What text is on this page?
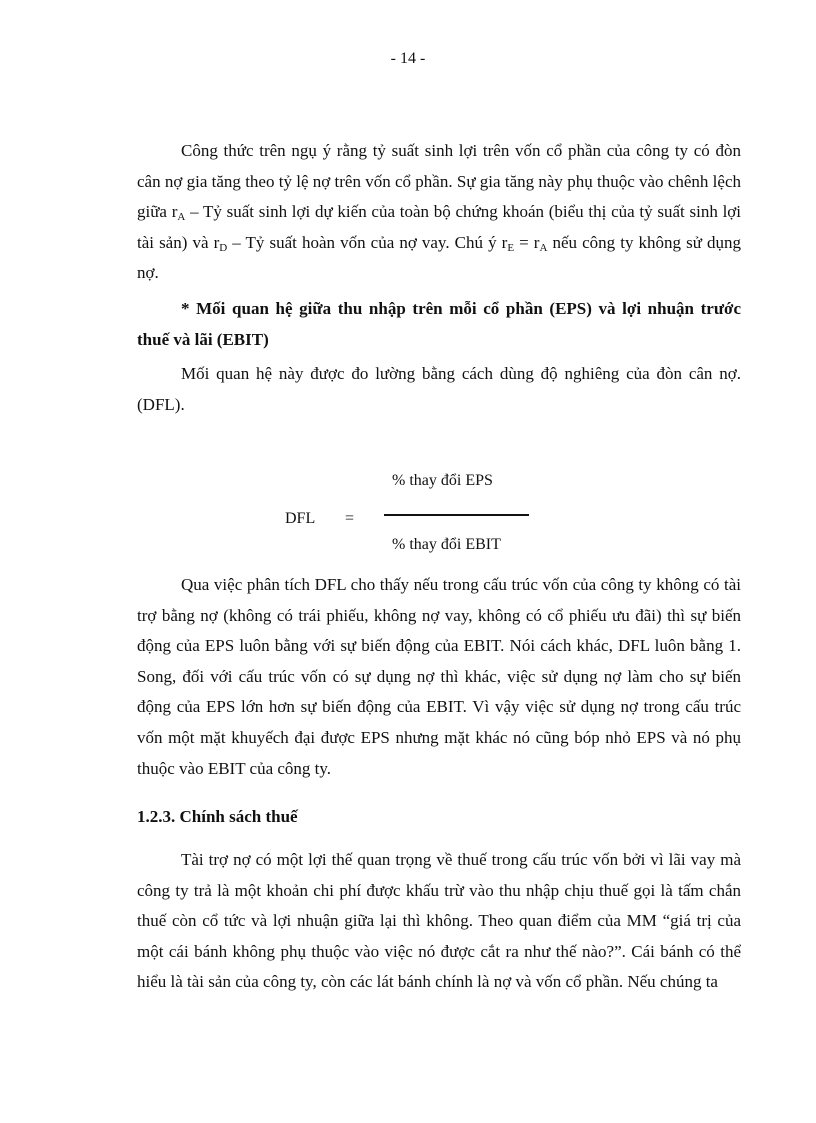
- 14 -

Công thức trên ngụ ý rằng tỷ suất sinh lợi trên vốn cổ phần của công ty có đòn cân nợ gia tăng theo tỷ lệ nợ trên vốn cổ phần. Sự gia tăng này phụ thuộc vào chênh lệch giữa $r_A$ – Tỷ suất sinh lợi dự kiến của toàn bộ chứng khoán (biểu thị của tỷ suất sinh lợi tài sản) và $r_D$ – Tỷ suất hoàn vốn của nợ vay. Chú ý $r_E = r_A$ nếu công ty không sử dụng nợ.

* Mối quan hệ giữa thu nhập trên mỗi cổ phần (EPS) và lợi nhuận trước thuế và lãi (EBIT)

Mối quan hệ này được đo lường bằng cách dùng độ nghiêng của đòn cân nợ. (DFL).

% thay đổi EPS
DFL =
% thay đổi EBIT

Qua việc phân tích DFL cho thấy nếu trong cấu trúc vốn của công ty không có tài trợ bằng nợ (không có trái phiếu, không nợ vay, không có cổ phiếu ưu đãi) thì sự biến động của EPS luôn bằng với sự biến động của EBIT. Nói cách khác, DFL luôn bằng 1. Song, đối với cấu trúc vốn có sự dụng nợ thì khác, việc sử dụng nợ làm cho sự biến động của EPS lớn hơn sự biến động của EBIT. Vì vậy việc sử dụng nợ trong cấu trúc vốn một mặt khuyếch đại được EPS nhưng mặt khác nó cũng bóp nhỏ EPS và nó phụ thuộc vào EBIT của công ty.

1.2.3. Chính sách thuế

Tài trợ nợ có một lợi thế quan trọng về thuế trong cấu trúc vốn bởi vì lãi vay mà công ty trả là một khoản chi phí được khấu trừ vào thu nhập chịu thuế gọi là tấm chắn thuế còn cổ tức và lợi nhuận giữa lại thì không. Theo quan điểm của MM “giá trị của một cái bánh không phụ thuộc vào việc nó được cắt ra như thế nào?”. Cái bánh có thể hiểu là tài sản của công ty, còn các lát bánh chính là nợ và vốn cổ phần. Nếu chúng ta
